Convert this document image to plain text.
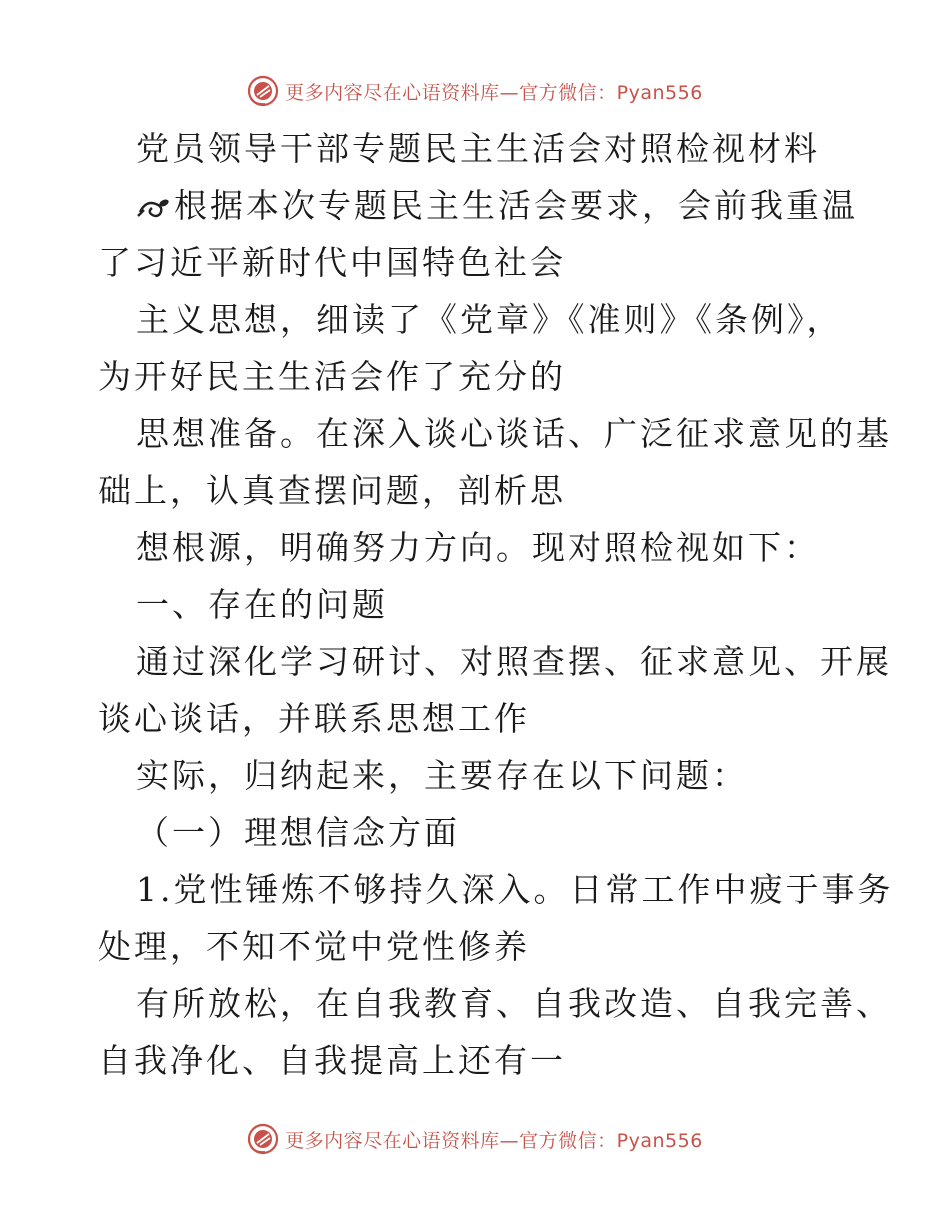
更多内容尽在心语资料库—官方微信：Pyan556
党员领导干部专题民主生活会对照检视材料
根据本次专题民主生活会要求，会前我重温
了习近平新时代中国特色社会
主义思想，细读了《党章》《准则》《条例》，
为开好民主生活会作了充分的
思想准备。在深入谈心谈话、广泛征求意见的基
础上，认真查摆问题，剖析思
想根源，明确努力方向。现对照检视如下：
一、存在的问题
通过深化学习研讨、对照查摆、征求意见、开展
谈心谈话，并联系思想工作
实际，归纳起来，主要存在以下问题：
（一）理想信念方面
1.党性锤炼不够持久深入。日常工作中疲于事务
处理，不知不觉中党性修养
有所放松，在自我教育、自我改造、自我完善、
自我净化、自我提高上还有一
更多内容尽在心语资料库—官方微信：Pyan556
